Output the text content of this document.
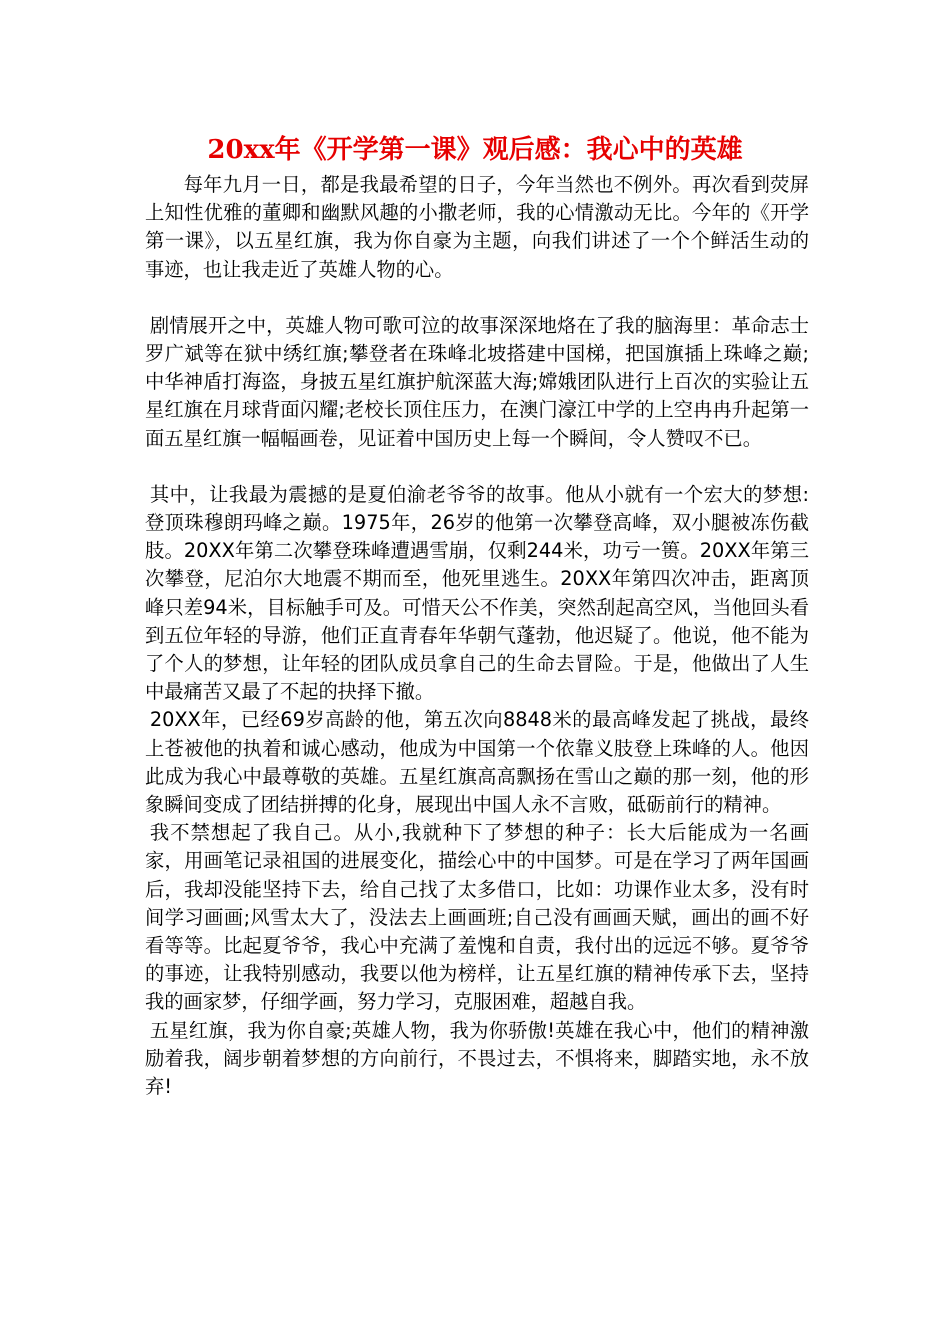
20xx年《开学第一课》观后感：我心中的英雄

每年九月一日，都是我最希望的日子，今年当然也不例外。再次看到荧屏上知性优雅的董卿和幽默风趣的小撒老师，我的心情激动无比。今年的《开学第一课》，以五星红旗，我为你自豪为主题，向我们讲述了一个个鲜活生动的事迹，也让我走近了英雄人物的心。

剧情展开之中，英雄人物可歌可泣的故事深深地烙在了我的脑海里：革命志士罗广斌等在狱中绣红旗;攀登者在珠峰北坡搭建中国梯，把国旗插上珠峰之巅;中华神盾打海盗，身披五星红旗护航深蓝大海;嫦娥团队进行上百次的实验让五星红旗在月球背面闪耀;老校长顶住压力，在澳门濠江中学的上空冉冉升起第一面五星红旗一幅幅画卷，见证着中国历史上每一个瞬间，令人赞叹不已。

其中，让我最为震撼的是夏伯渝老爷爷的故事。他从小就有一个宏大的梦想:登顶珠穆朗玛峰之巅。1975年，26岁的他第一次攀登高峰，双小腿被冻伤截肢。20XX年第二次攀登珠峰遭遇雪崩，仅剩244米，功亏一篑。20XX年第三次攀登，尼泊尔大地震不期而至，他死里逃生。20XX年第四次冲击，距离顶峰只差94米，目标触手可及。可惜天公不作美，突然刮起高空风，当他回头看到五位年轻的导游，他们正直青春年华朝气蓬勃，他迟疑了。他说，他不能为了个人的梦想，让年轻的团队成员拿自己的生命去冒险。于是，他做出了人生中最痛苦又最了不起的抉择下撤。

20XX年，已经69岁高龄的他，第五次向8848米的最高峰发起了挑战，最终上苍被他的执着和诚心感动，他成为中国第一个依靠义肢登上珠峰的人。他因此成为我心中最尊敬的英雄。五星红旗高高飘扬在雪山之巅的那一刻，他的形象瞬间变成了团结拼搏的化身，展现出中国人永不言败，砥砺前行的精神。

我不禁想起了我自己。从小,我就种下了梦想的种子：长大后能成为一名画家，用画笔记录祖国的进展变化，描绘心中的中国梦。可是在学习了两年国画后，我却没能坚持下去，给自己找了太多借口，比如：功课作业太多，没有时间学习画画;风雪太大了，没法去上画画班;自己没有画画天赋，画出的画不好看等等。比起夏爷爷，我心中充满了羞愧和自责，我付出的远远不够。夏爷爷的事迹，让我特别感动，我要以他为榜样，让五星红旗的精神传承下去，坚持我的画家梦，仔细学画，努力学习，克服困难，超越自我。

五星红旗，我为你自豪;英雄人物，我为你骄傲!英雄在我心中，他们的精神激励着我，阔步朝着梦想的方向前行，不畏过去，不惧将来，脚踏实地，永不放弃!
